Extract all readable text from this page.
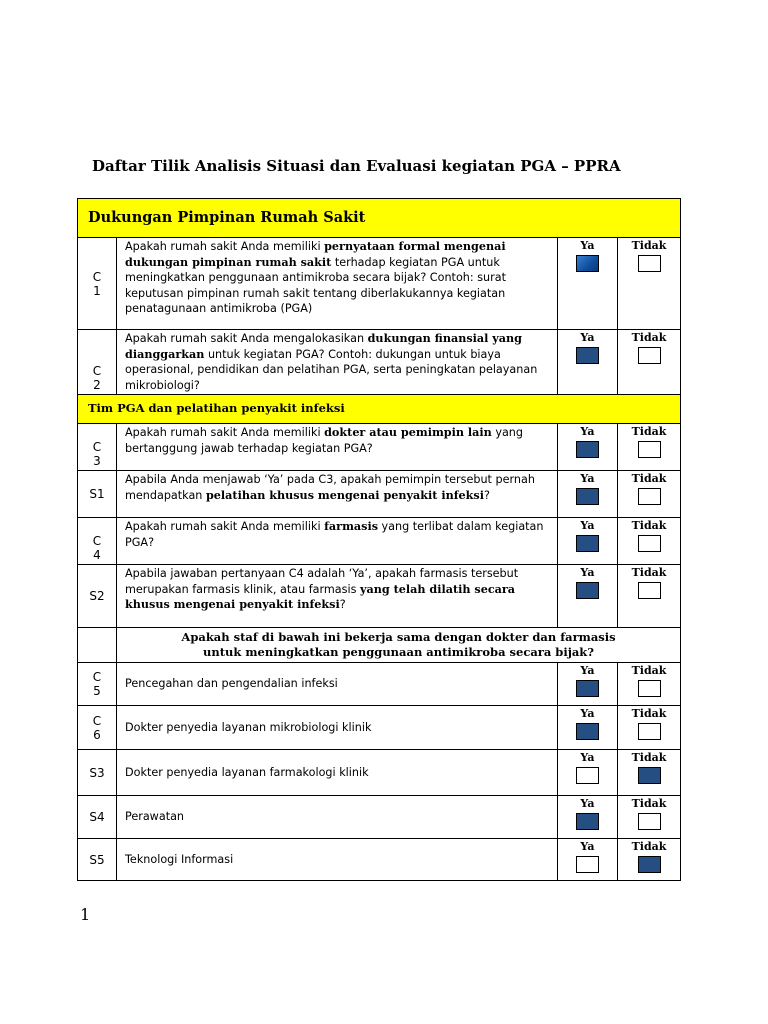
Daftar Tilik Analisis Situasi dan Evaluasi kegiatan PGA – PPRA
Dukungan Pimpinan Rumah Sakit			
C
1	Apakah rumah sakit Anda memiliki pernyataan formal mengenai dukungan pimpinan rumah sakit terhadap kegiatan PGA untuk meningkatkan penggunaan antimikroba secara bijak? Contoh: surat keputusan pimpinan rumah sakit tentang diberlakukannya kegiatan penatagunaan antimikroba (PGA)	Ya	Tidak

C
2	Apakah rumah sakit Anda mengalokasikan dukungan finansial yang dianggarkan untuk kegiatan PGA? Contoh: dukungan untuk biaya operasional, pendidikan dan pelatihan PGA, serta peningkatan pelayanan mikrobiologi?	Ya	Tidak

Tim PGA dan pelatihan penyakit infeksi			
C
3	Apakah rumah sakit Anda memiliki dokter atau pemimpin lain yang bertanggung jawab terhadap kegiatan PGA?	Ya	Tidak

S1	Apabila Anda menjawab ‘Ya’ pada C3, apakah pemimpin tersebut pernah mendapatkan pelatihan khusus mengenai penyakit infeksi?	Ya	Tidak

C
4	Apakah rumah sakit Anda memiliki farmasis yang terlibat dalam kegiatan PGA?	Ya	Tidak

S2	Apabila jawaban pertanyaan C4 adalah ‘Ya’, apakah farmasis tersebut merupakan farmasis klinik, atau farmasis yang telah dilatih secara khusus mengenai penyakit infeksi?	Ya	Tidak

	Apakah staf di bawah ini bekerja sama dengan dokter dan farmasis
untuk meningkatkan penggunaan antimikroba secara bijak?		
C
5	Pencegahan dan pengendalian infeksi	Ya	Tidak

C
6	Dokter penyedia layanan mikrobiologi klinik	Ya	Tidak

S3	Dokter penyedia layanan farmakologi klinik	Ya	Tidak

S4	Perawatan	Ya	Tidak

S5	Teknologi Informasi	Ya	Tidak
1
